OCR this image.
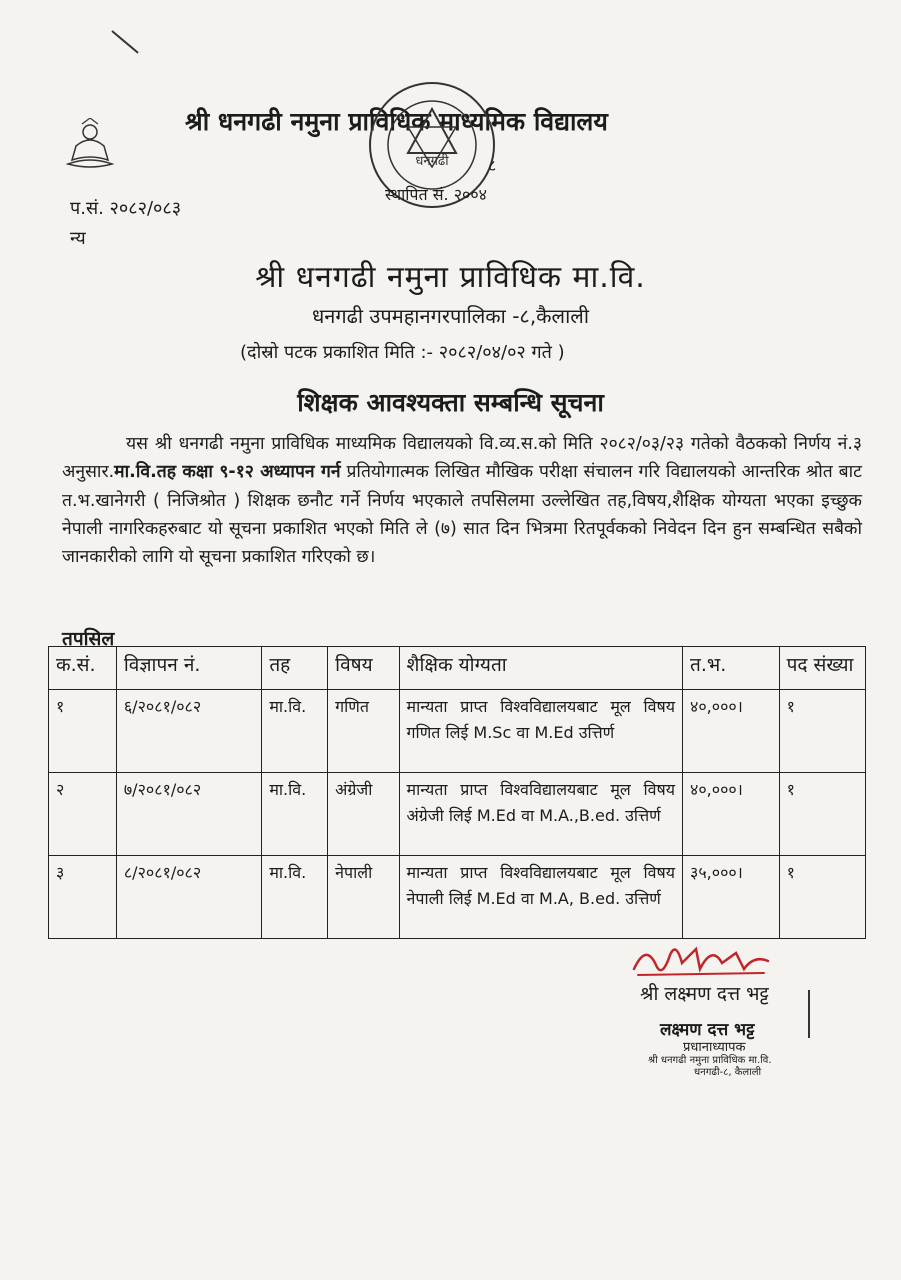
श्री धनगढी नमुना प्राविधिक माध्यमिक विद्यालय
धनगढी ८
स्थापित सं. २००४
प.सं. २०८२/०८३
न्य

श्री धनगढी नमुना प्राविधिक मा.वि.

धनगढी उपमहानगरपालिका -८,कैलाली

(दोस्रो पटक प्रकाशित मिति :- २०८२/०४/०२ गते )
शिक्षक आवश्यक्ता सम्बन्धि सूचना

यस श्री धनगढी नमुना प्राविधिक माध्यमिक विद्यालयको वि.व्य.स.को मिति २०८२/०३/२३ गतेको वैठकको निर्णय नं.३ अनुसार.मा.वि.तह कक्षा ९-१२ अध्यापन गर्न प्रतियोगात्मक लिखित मौखिक परीक्षा संचालन गरि विद्यालयको आन्तरिक श्रोत बाट त.भ.खानेगरी ( निजिश्रोत ) शिक्षक छनौट गर्ने निर्णय भएकाले तपसिलमा उल्लेखित तह,विषय,शैक्षिक योग्यता भएका इच्छुक नेपाली नागरिकहरुबाट यो सूचना प्रकाशित भएको मिति ले (७) सात दिन भित्रमा रितपूर्वकको निवेदन दिन हुन सम्बन्धित सबैको जानकारीको लागि यो सूचना प्रकाशित गरिएको छ।

तपसिल
क.सं.	विज्ञापन नं.	तह	विषय	शैक्षिक योग्यता	त.भ.	पद संख्या
१	६/२०८१/०८२	मा.वि.	गणित	मान्यता प्राप्त विश्वविद्यालयबाट मूल विषय गणित लिई M.Sc वा M.Ed उत्तिर्ण	४०,०००।	१
२	७/२०८१/०८२	मा.वि.	अंग्रेजी	मान्यता प्राप्त विश्वविद्यालयबाट मूल विषय अंग्रेजी लिई M.Ed वा M.A.,B.ed. उत्तिर्ण	४०,०००।	१
३	८/२०८१/०८२	मा.वि.	नेपाली	मान्यता प्राप्त विश्वविद्यालयबाट मूल विषय नेपाली लिई M.Ed वा M.A, B.ed. उत्तिर्ण	३५,०००।	१
श्री लक्ष्मण दत्त भट्ट
लक्ष्मण दत्त भट्ट
प्रधानाध्यापक
श्री धनगढी नमुना प्राविधिक मा.वि.
धनगढी-८, कैलाली
